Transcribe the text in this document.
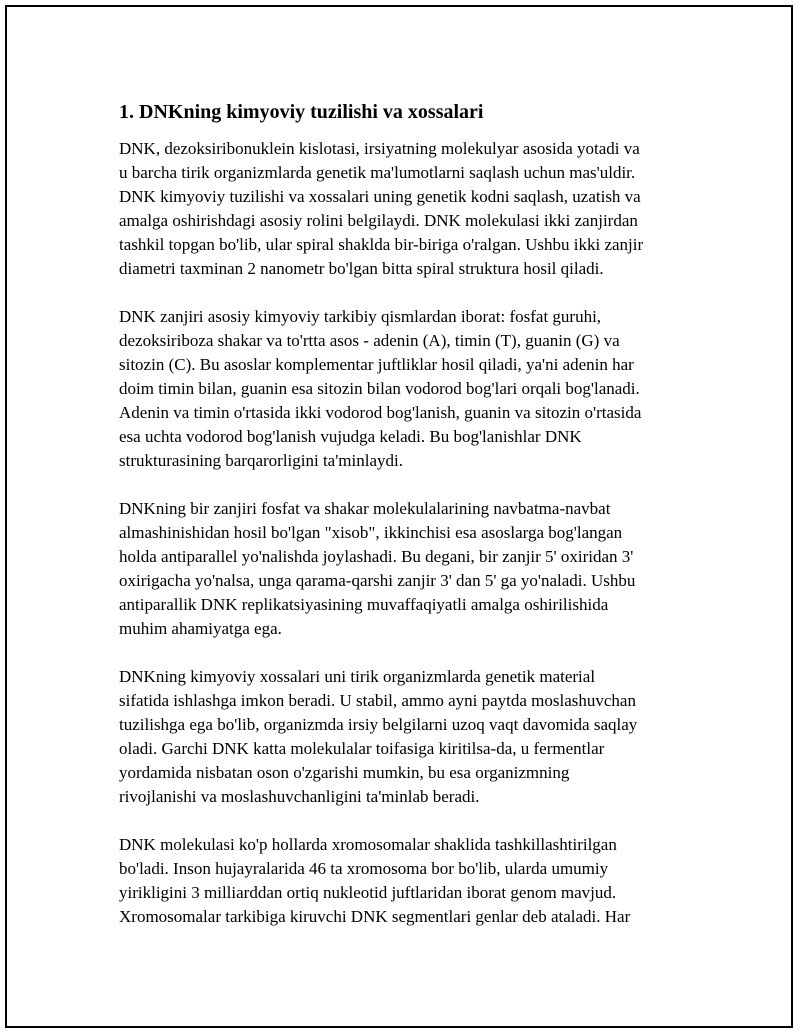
1. DNKning kimyoviy tuzilishi va xossalari

DNK, dezoksiribonuklein kislotasi, irsiyatning molekulyar asosida yotadi va
u barcha tirik organizmlarda genetik ma'lumotlarni saqlash uchun mas'uldir.
DNK kimyoviy tuzilishi va xossalari uning genetik kodni saqlash, uzatish va
amalga oshirishdagi asosiy rolini belgilaydi. DNK molekulasi ikki zanjirdan
tashkil topgan bo'lib, ular spiral shaklda bir-biriga o'ralgan. Ushbu ikki zanjir
diametri taxminan 2 nanometr bo'lgan bitta spiral struktura hosil qiladi.

DNK zanjiri asosiy kimyoviy tarkibiy qismlardan iborat: fosfat guruhi,
dezoksiriboza shakar va to'rtta asos - adenin (A), timin (T), guanin (G) va
sitozin (C). Bu asoslar komplementar juftliklar hosil qiladi, ya'ni adenin har
doim timin bilan, guanin esa sitozin bilan vodorod bog'lari orqali bog'lanadi.
Adenin va timin o'rtasida ikki vodorod bog'lanish, guanin va sitozin o'rtasida
esa uchta vodorod bog'lanish vujudga keladi. Bu bog'lanishlar DNK
strukturasining barqarorligini ta'minlaydi.

DNKning bir zanjiri fosfat va shakar molekulalarining navbatma-navbat
almashinishidan hosil bo'lgan "xisob", ikkinchisi esa asoslarga bog'langan
holda antiparallel yo'nalishda joylashadi. Bu degani, bir zanjir 5' oxiridan 3'
oxirigacha yo'nalsa, unga qarama-qarshi zanjir 3' dan 5' ga yo'naladi. Ushbu
antiparallik DNK replikatsiyasining muvaffaqiyatli amalga oshirilishida
muhim ahamiyatga ega.

DNKning kimyoviy xossalari uni tirik organizmlarda genetik material
sifatida ishlashga imkon beradi. U stabil, ammo ayni paytda moslashuvchan
tuzilishga ega bo'lib, organizmda irsiy belgilarni uzoq vaqt davomida saqlay
oladi. Garchi DNK katta molekulalar toifasiga kiritilsa-da, u fermentlar
yordamida nisbatan oson o'zgarishi mumkin, bu esa organizmning
rivojlanishi va moslashuvchanligini ta'minlab beradi.

DNK molekulasi ko'p hollarda xromosomalar shaklida tashkillashtirilgan
bo'ladi. Inson hujayralarida 46 ta xromosoma bor bo'lib, ularda umumiy
yirikligini 3 milliarddan ortiq nukleotid juftlaridan iborat genom mavjud.
Xromosomalar tarkibiga kiruvchi DNK segmentlari genlar deb ataladi. Har
